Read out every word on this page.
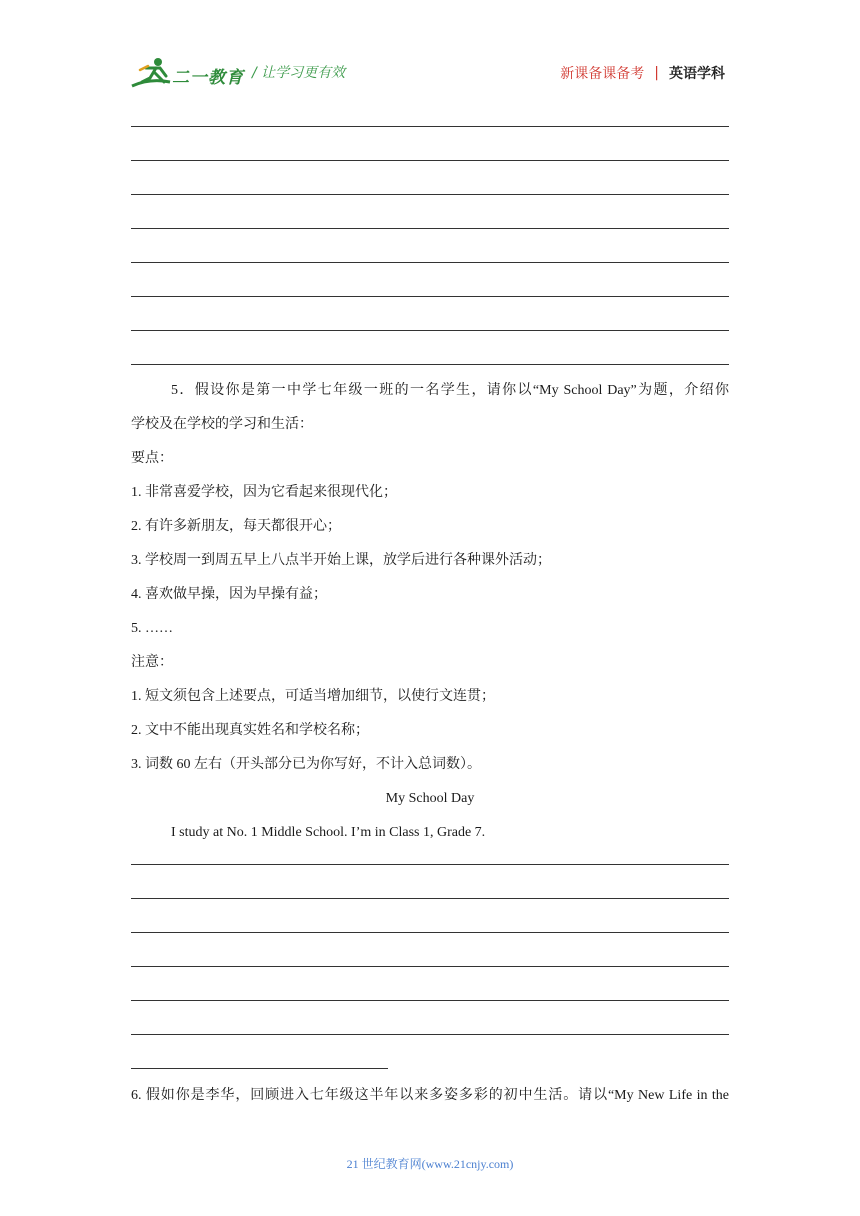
二一教育 / 让学习更有效	新课备课备考 | 英语学科

5．假设你是第一中学七年级一班的一名学生，请你以“My School Day”为题，介绍你

学校及在学校的学习和生活：

要点：

1. 非常喜爱学校，因为它看起来很现代化；

2. 有许多新朋友，每天都很开心；

3. 学校周一到周五早上八点半开始上课，放学后进行各种课外活动；

4. 喜欢做早操，因为早操有益；

5. ……

注意：

1. 短文须包含上述要点，可适当增加细节，以使行文连贯；

2. 文中不能出现真实姓名和学校名称；

3. 词数 60 左右（开头部分已为你写好，不计入总词数）。

My School Day

I study at No. 1 Middle School. I’m in Class 1, Grade 7.

6. 假如你是李华，回顾进入七年级这半年以来多姿多彩的初中生活。请以“My New Life in the

21 世纪教育网(www.21cnjy.com)
